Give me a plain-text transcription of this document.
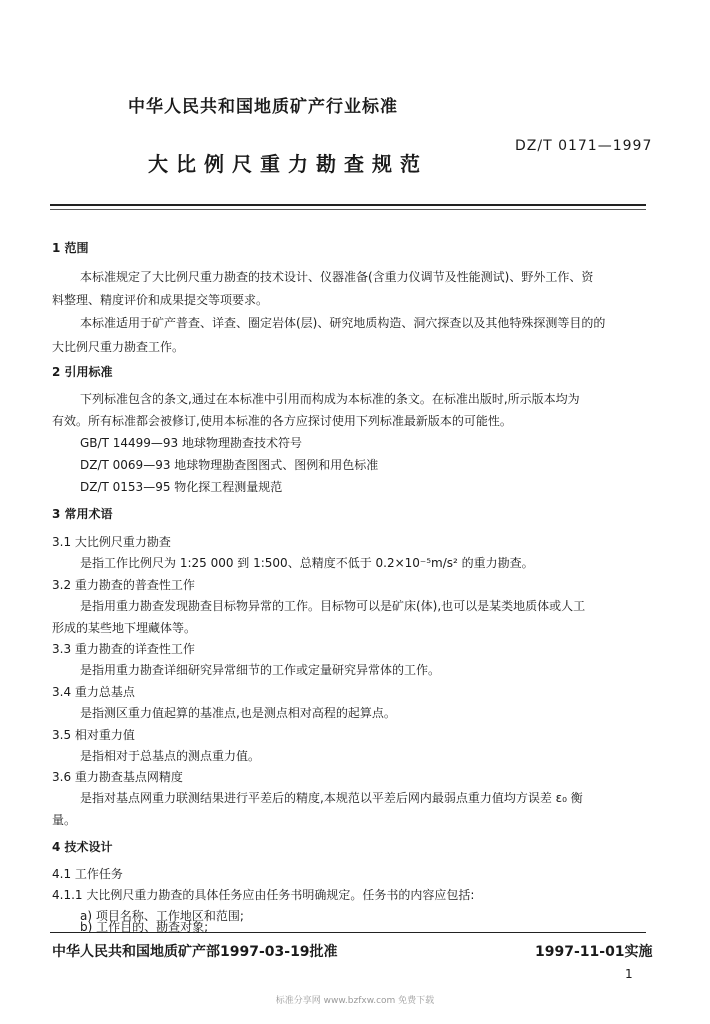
中华人民共和国地质矿产行业标准
大比例尺重力勘查规范
DZ/T 0171—1997
1 范围
本标准规定了大比例尺重力勘查的技术设计、仪器准备(含重力仪调节及性能测试)、野外工作、资
料整理、精度评价和成果提交等项要求。
本标准适用于矿产普查、详查、圈定岩体(层)、研究地质构造、洞穴探查以及其他特殊探测等目的的
大比例尺重力勘查工作。
2 引用标准
下列标准包含的条文,通过在本标准中引用而构成为本标准的条文。在标准出版时,所示版本均为
有效。所有标准都会被修订,使用本标准的各方应探讨使用下列标准最新版本的可能性。
GB/T 14499—93 地球物理勘查技术符号
DZ/T 0069—93 地球物理勘查图图式、图例和用色标准
DZ/T 0153—95 物化探工程测量规范
3 常用术语
3.1 大比例尺重力勘查
是指工作比例尺为 1:25 000 到 1:500、总精度不低于 0.2×10⁻⁵m/s² 的重力勘查。
3.2 重力勘查的普查性工作
是指用重力勘查发现勘查目标物异常的工作。目标物可以是矿床(体),也可以是某类地质体或人工
形成的某些地下埋藏体等。
3.3 重力勘查的详查性工作
是指用重力勘查详细研究异常细节的工作或定量研究异常体的工作。
3.4 重力总基点
是指测区重力值起算的基准点,也是测点相对高程的起算点。
3.5 相对重力值
是指相对于总基点的测点重力值。
3.6 重力勘查基点网精度
是指对基点网重力联测结果进行平差后的精度,本规范以平差后网内最弱点重力值均方误差 ε₀ 衡
量。
4 技术设计
4.1 工作任务
4.1.1 大比例尺重力勘查的具体任务应由任务书明确规定。任务书的内容应包括:
a) 项目名称、工作地区和范围;
b) 工作目的、勘查对象;
中华人民共和国地质矿产部1997-03-19批准	1997-11-01实施
1
标准分享网 www.bzfxw.com 免费下载
